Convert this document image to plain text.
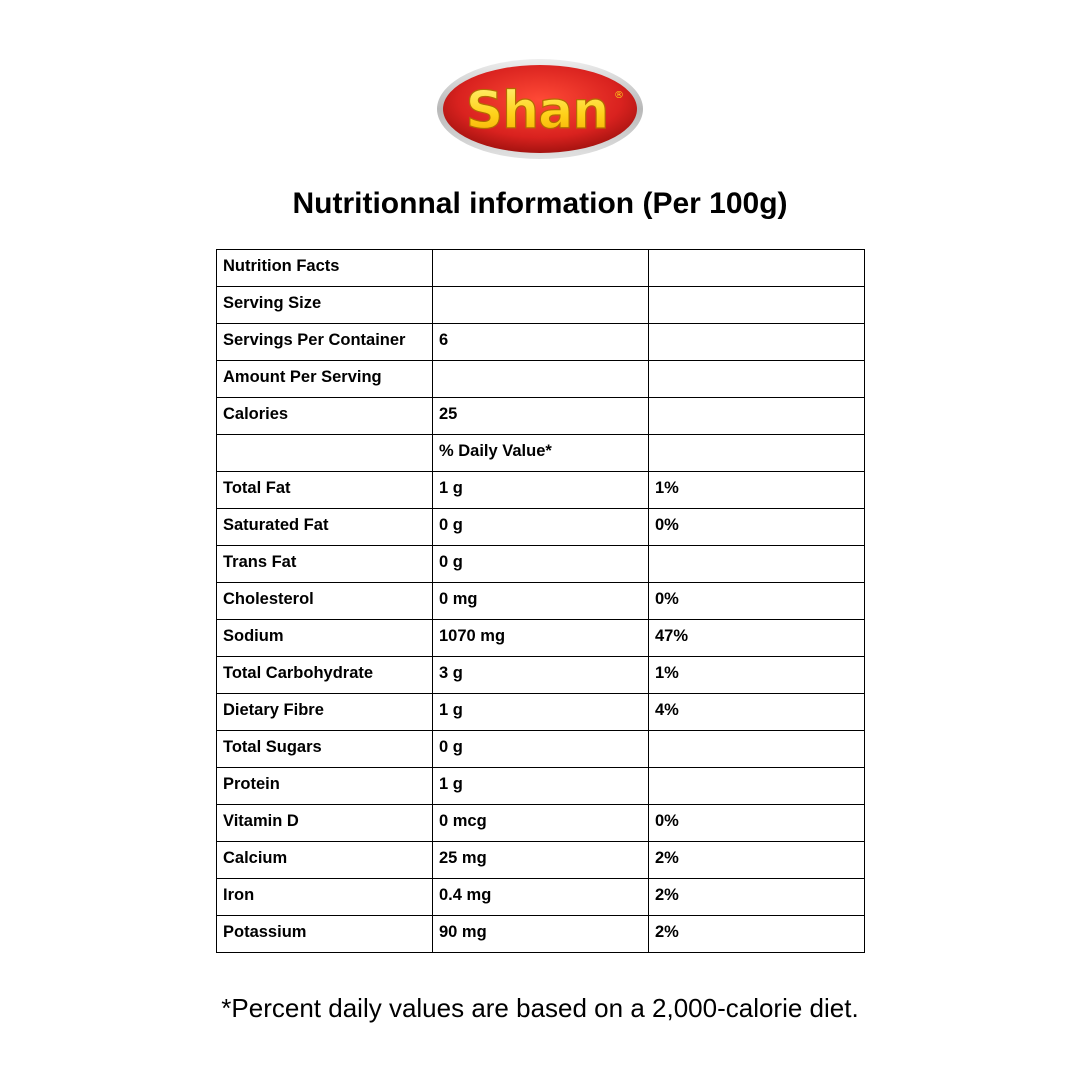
Shan ®
Nutritionnal information (Per 100g)
Nutrition Facts		
Serving Size		
Servings Per Container	6	
Amount Per Serving		
Calories	25	
	% Daily Value*	
Total Fat	1 g	1%
Saturated Fat	0 g	0%
Trans Fat	0 g	
Cholesterol	0 mg	0%
Sodium	1070 mg	47%
Total Carbohydrate	3 g	1%
Dietary Fibre	1 g	4%
Total Sugars	0 g	
Protein	1 g	
Vitamin D	0 mcg	0%
Calcium	25 mg	2%
Iron	0.4 mg	2%
Potassium	90 mg	2%

*Percent daily values are based on a 2,000-calorie diet.
